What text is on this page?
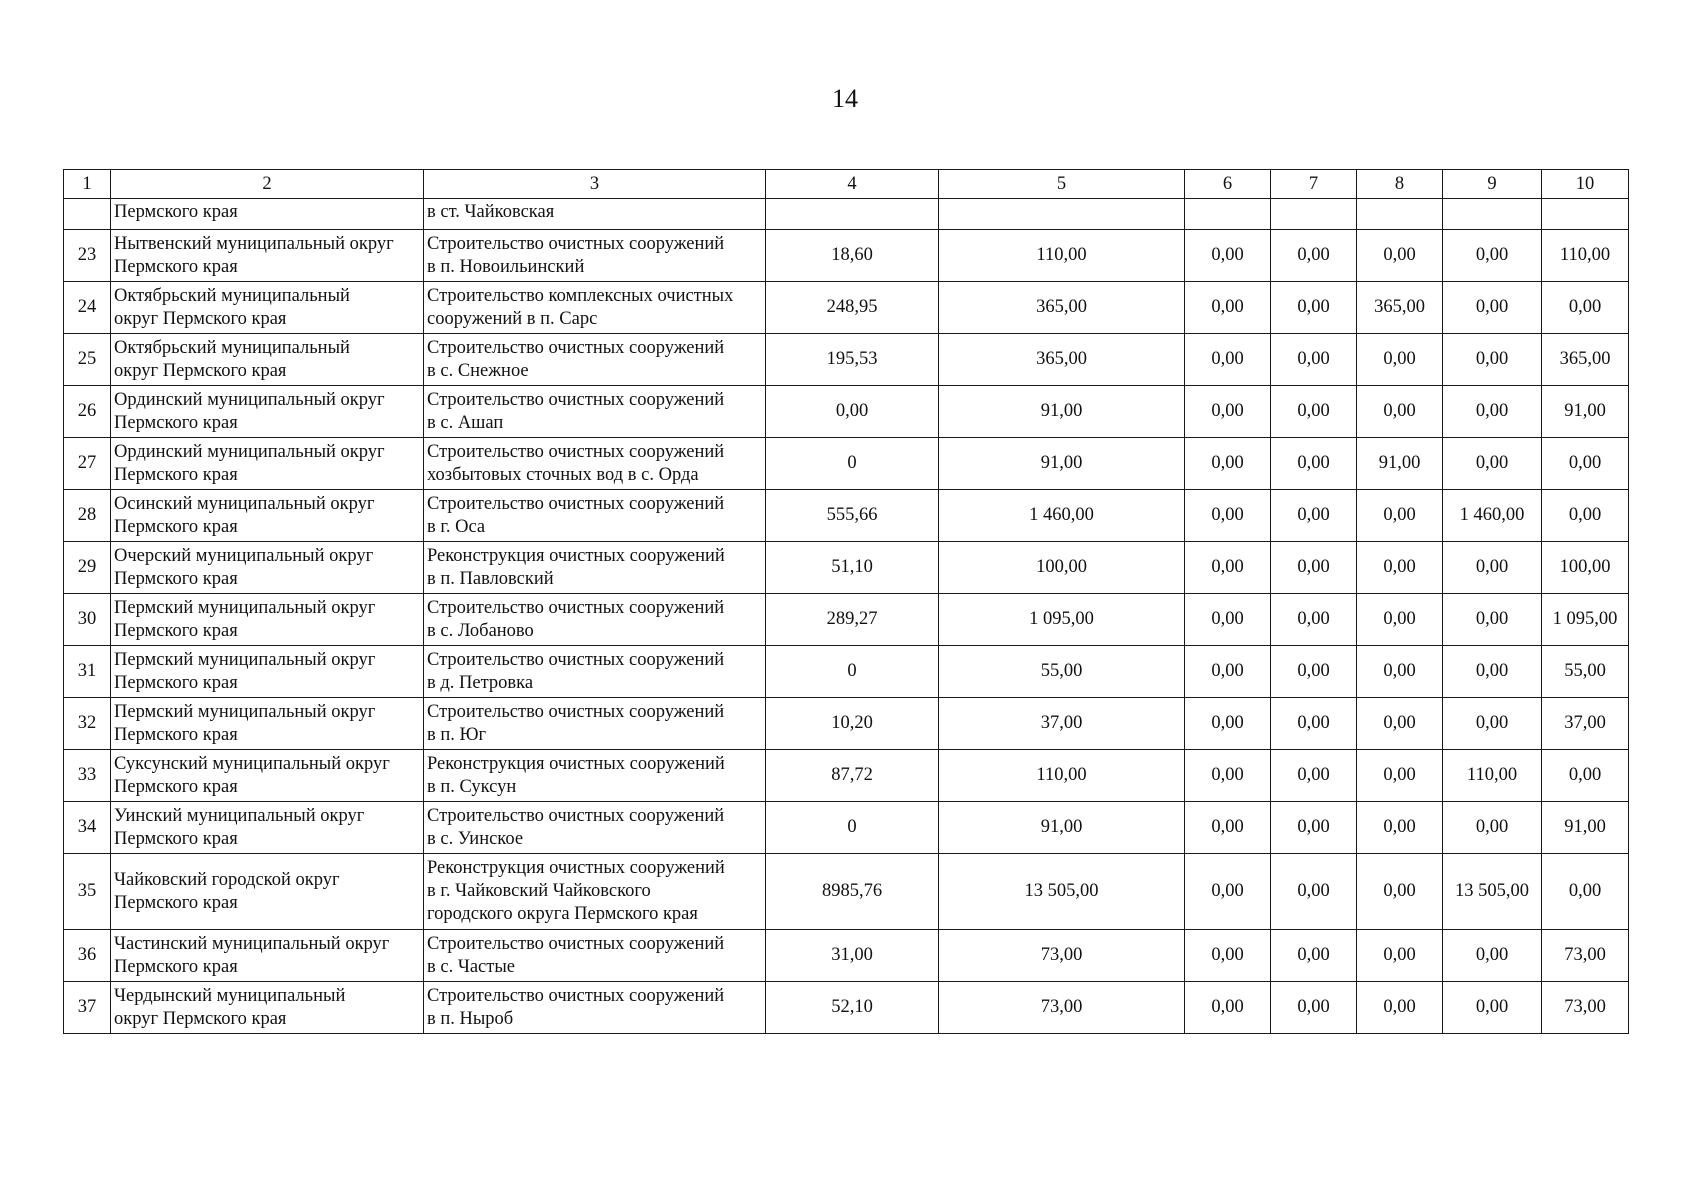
14
1	2	3	4	5	6	7	8	9	10
	Пермского края	в ст. Чайковская							
23	Нытвенский муниципальный округ
Пермского края	Строительство очистных сооружений
в п. Новоильинский	18,60	110,00	0,00	0,00	0,00	0,00	110,00
24	Октябрьский муниципальный
округ Пермского края	Строительство комплексных очистных
сооружений в п. Сарс	248,95	365,00	0,00	0,00	365,00	0,00	0,00
25	Октябрьский муниципальный
округ Пермского края	Строительство очистных сооружений
в с. Снежное	195,53	365,00	0,00	0,00	0,00	0,00	365,00
26	Ординский муниципальный округ
Пермского края	Строительство очистных сооружений
в с. Ашап	0,00	91,00	0,00	0,00	0,00	0,00	91,00
27	Ординский муниципальный округ
Пермского края	Строительство очистных сооружений
хозбытовых сточных вод в с. Орда	0	91,00	0,00	0,00	91,00	0,00	0,00
28	Осинский муниципальный округ
Пермского края	Строительство очистных сооружений
в г. Оса	555,66	1 460,00	0,00	0,00	0,00	1 460,00	0,00
29	Очерский муниципальный округ
Пермского края	Реконструкция очистных сооружений
в п. Павловский	51,10	100,00	0,00	0,00	0,00	0,00	100,00
30	Пермский муниципальный округ
Пермского края	Строительство очистных сооружений
в с. Лобаново	289,27	1 095,00	0,00	0,00	0,00	0,00	1 095,00
31	Пермский муниципальный округ
Пермского края	Строительство очистных сооружений
в д. Петровка	0	55,00	0,00	0,00	0,00	0,00	55,00
32	Пермский муниципальный округ
Пермского края	Строительство очистных сооружений
в п. Юг	10,20	37,00	0,00	0,00	0,00	0,00	37,00
33	Суксунский муниципальный округ
Пермского края	Реконструкция очистных сооружений
в п. Суксун	87,72	110,00	0,00	0,00	0,00	110,00	0,00
34	Уинский муниципальный округ
Пермского края	Строительство очистных сооружений
в с. Уинское	0	91,00	0,00	0,00	0,00	0,00	91,00
35	Чайковский городской округ
Пермского края	Реконструкция очистных сооружений
в г. Чайковский Чайковского
городского округа Пермского края	8985,76	13 505,00	0,00	0,00	0,00	13 505,00	0,00
36	Частинский муниципальный округ
Пермского края	Строительство очистных сооружений
в с. Частые	31,00	73,00	0,00	0,00	0,00	0,00	73,00
37	Чердынский муниципальный
округ Пермского края	Строительство очистных сооружений
в п. Ныроб	52,10	73,00	0,00	0,00	0,00	0,00	73,00
